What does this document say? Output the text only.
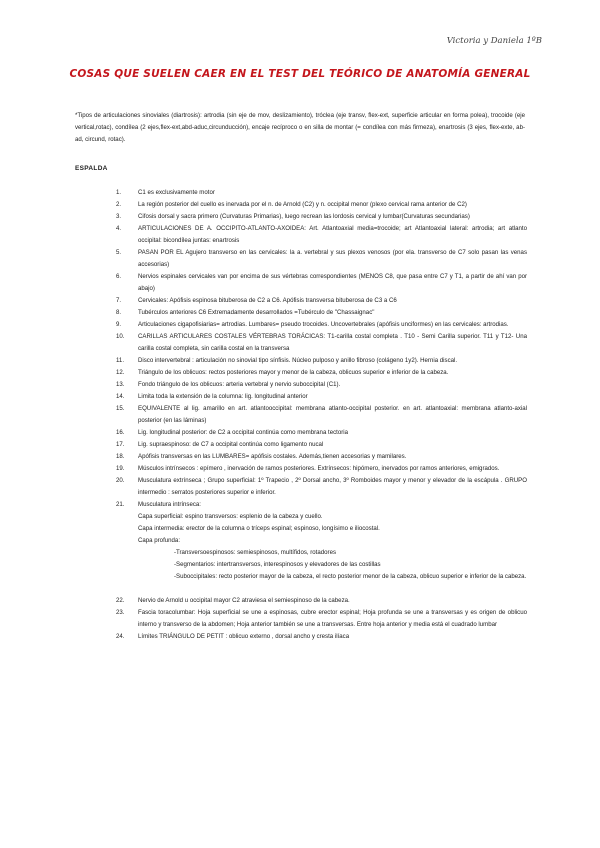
Victoria y Daniela 1ºB
COSAS QUE SUELEN CAER EN EL TEST DEL TEÓRICO DE ANATOMÍA GENERAL
*Tipos de articulaciones sinoviales (diartrosis): artrodia (sin eje de mov, deslizamiento), tróclea (eje transv, flex-ext, superficie articular en forma polea), trocoide (eje vertical,rotac), condílea (2 ejes,flex-ext,abd-aduc,circunducción), encaje recíproco o en silla de montar (= condílea con más firmeza), enartrosis (3 ejes, flex-exte, ab-ad, circund, rotac).
ESPALDA
1.	C1 es exclusivamente motor
2.	La región posterior del cuello es inervada por el n. de Arnold (C2) y n. occipital menor (plexo cervical rama anterior de C2)
3.	Cifosis dorsal y sacra primero (Curvaturas Primarias), luego recrean las lordosis cervical y lumbar(Curvaturas secundarias)
4.	ARTICULACIONES DE A. OCCIPITO-ATLANTO-AXOIDEA: Art. Atlantoaxial media=trocoide; art Atlantoaxial lateral: artrodia; art atlanto occipital: bicondílea juntas: enartrosis
5.	PASAN POR EL Agujero transverso en las cervicales: la a. vertebral y sus plexos venosos (por ela. transverso de C7 solo pasan las venas accesorias)
6.	Nervios espinales cervicales van por encima de sus vértebras correspondientes (MENOS C8, que pasa entre C7 y T1, a partir de ahí van por abajo)
7.	Cervicales: Apófisis espinosa bituberosa de C2 a C6. Apófisis transversa bituberosa de C3 a C6
8.	Tubérculos anteriores C6 Extremadamente desarrollados =Tubérculo de "Chassaignac"
9.	Articulaciones cigapofisiarias= artrodias. Lumbares= pseudo trocoides. Uncovertebrales (apófisis unciformes) en las cervicales: artrodias.
10.	CARILLAS ARTICULARES COSTALES VÉRTEBRAS TORÁCICAS: T1-carilla costal completa . T10 - Semi Carilla superior. T11 y T12- Una carilla costal completa, sin carilla costal en la transversa
11.	Disco intervertebral : articulación no sinovial tipo sínfisis. Núcleo pulposo y anillo fibroso (colágeno 1y2). Hernia discal.
12.	Triángulo de los oblicuos: rectos posteriores mayor y menor de la cabeza, oblicuos superior e inferior de la cabeza.
13.	Fondo triángulo de los oblicuos: arteria vertebral y nervio suboccipital (C1).
14.	Limita toda la extensión de la columna: lig. longitudinal anterior
15.	EQUIVALENTE al lig. amarillo en art. atlantooccipital: membrana atlanto-occipital posterior. en art. atlantoaxial: membrana atlanto-axial posterior (en las láminas)
16.	Lig. longitudinal posterior: de C2 a occipital continúa como membrana tectoria
17.	Lig. supraespinoso: de C7 a occipital continúa como ligamento nucal
18.	Apófisis transversas en las LUMBARES= apófisis costales. Además,tienen accesorias y mamilares.
19.	Músculos intrínsecos : epímero , inervación de ramos posteriores. Extrínsecos: hipómero, inervados por ramos anteriores, emigrados.
20.	Musculatura extrínseca ; Grupo superficial: 1º Trapecio , 2º Dorsal ancho, 3º Romboides mayor y menor y elevador de la escápula . GRUPO intermedio : serratos posteriores superior e inferior.
21.	Musculatura intrínseca:
Capa superficial: espino transversos: esplenio de la cabeza y cuello.
Capa intermedia: erector de la columna o tríceps espinal; espinoso, longísimo e iliocostal.
Capa profunda:
-Transversoespinosos: semiespinosos, multífidos, rotadores
-Segmentarios: intertransversos, interespinosos y elevadores de las costillas
-Suboccipitales: recto posterior mayor de la cabeza, el recto posterior menor de la cabeza, oblicuo superior e inferior de la cabeza.
22.	Nervio de Arnold u occipital mayor C2 atraviesa el semiespinoso de la cabeza.
23.	Fascia toracolumbar: Hoja superficial se une a espinosas, cubre erector espinal; Hoja profunda se une a transversas y es origen de oblicuo interno y transverso de la abdomen; Hoja anterior también se une a transversas. Entre hoja anterior y media está el cuadrado lumbar
24.	Límites TRIÁNGULO DE PETIT : oblicuo externo , dorsal ancho y cresta ilíaca
